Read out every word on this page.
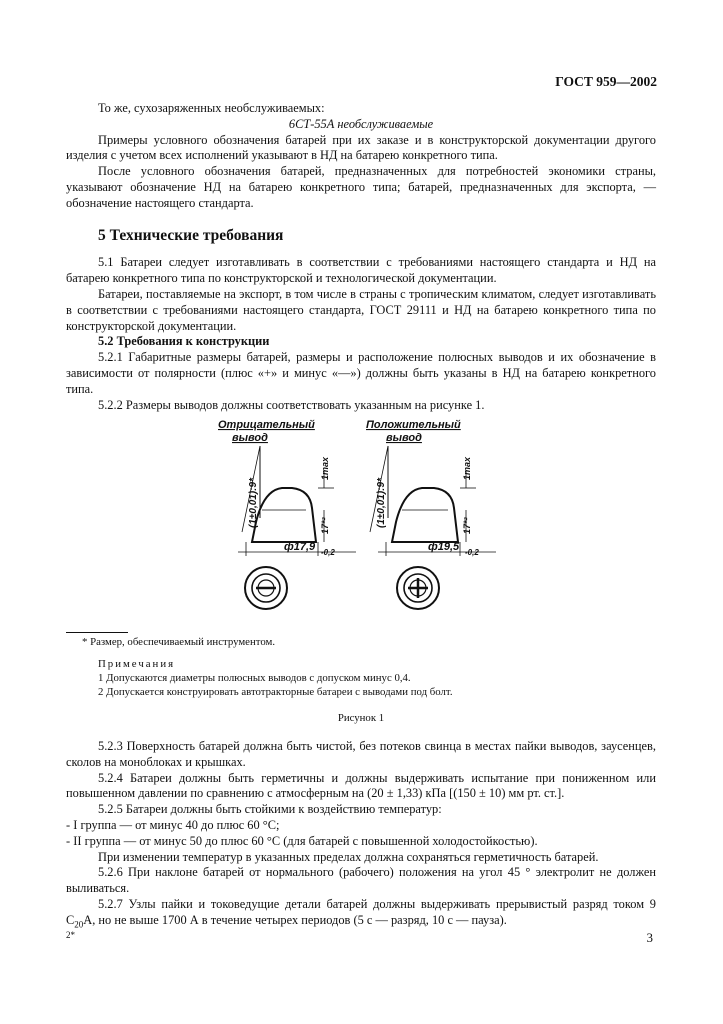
ГОСТ 959—2002

То же, сухозаряженных необслуживаемых:

6СТ-55А необслуживаемые

Примеры условного обозначения батарей при их заказе и в конструкторской документации другого изделия с учетом всех исполнений указывают в НД на батарею конкретного типа.

После условного обозначения батарей, предназначенных для потребностей экономики страны, указывают обозначение НД на батарею конкретного типа; батарей, предназначенных для экспорта, — обозначение настоящего стандарта.

5 Технические требования

5.1 Батареи следует изготавливать в соответствии с требованиями настоящего стандарта и НД на батарею конкретного типа по конструкторской и технологической документации.

Батареи, поставляемые на экспорт, в том числе в страны с тропическим климатом, следует изготавливать в соответствии с требованиями настоящего стандарта, ГОСТ 29111 и НД на батарею конкретного типа по конструкторской документации.

5.2 Требования к конструкции

5.2.1 Габаритные размеры батарей, размеры и расположение полюсных выводов и их обозначение в зависимости от полярности (плюс «+» и минус «—») должны быть указаны в НД на батарею конкретного типа.

5.2.2 Размеры выводов должны соответствовать указанным на рисунке 1.

Отрицательный
вывод
(1±0,01):9*
1max
17*²
ф17,9 -0,2
Положительный
вывод
(1±0,01):9*
1max
17*²
ф19,5 -0,2
* Размер, обеспечиваемый инструментом.
Примечания
1 Допускаются диаметры полюсных выводов с допуском минус 0,4.
2 Допускается конструировать автотракторные батареи с выводами под болт.
Рисунок 1

5.2.3 Поверхность батарей должна быть чистой, без потеков свинца в местах пайки выводов, заусенцев, сколов на моноблоках и крышках.

5.2.4 Батареи должны быть герметичны и должны выдерживать испытание при пониженном или повышенном давлении по сравнению с атмосферным на (20 ± 1,33) кПа [(150 ± 10) мм рт. ст.].

5.2.5 Батареи должны быть стойкими к воздействию температур:

- I группа — от минус 40 до плюс 60 °С;

- II группа — от минус 50 до плюс 60 °С (для батарей с повышенной холодостойкостью).

При изменении температур в указанных пределах должна сохраняться герметичность батарей.

5.2.6 При наклоне батарей от нормального (рабочего) положения на угол 45 ° электролит не должен выливаться.

5.2.7 Узлы пайки и токоведущие детали батарей должны выдерживать прерывистый разряд током 9 $С_{20}А$, но не выше 1700 А в течение четырех периодов (5 с — разряд, 10 с — пауза).

2*	3
